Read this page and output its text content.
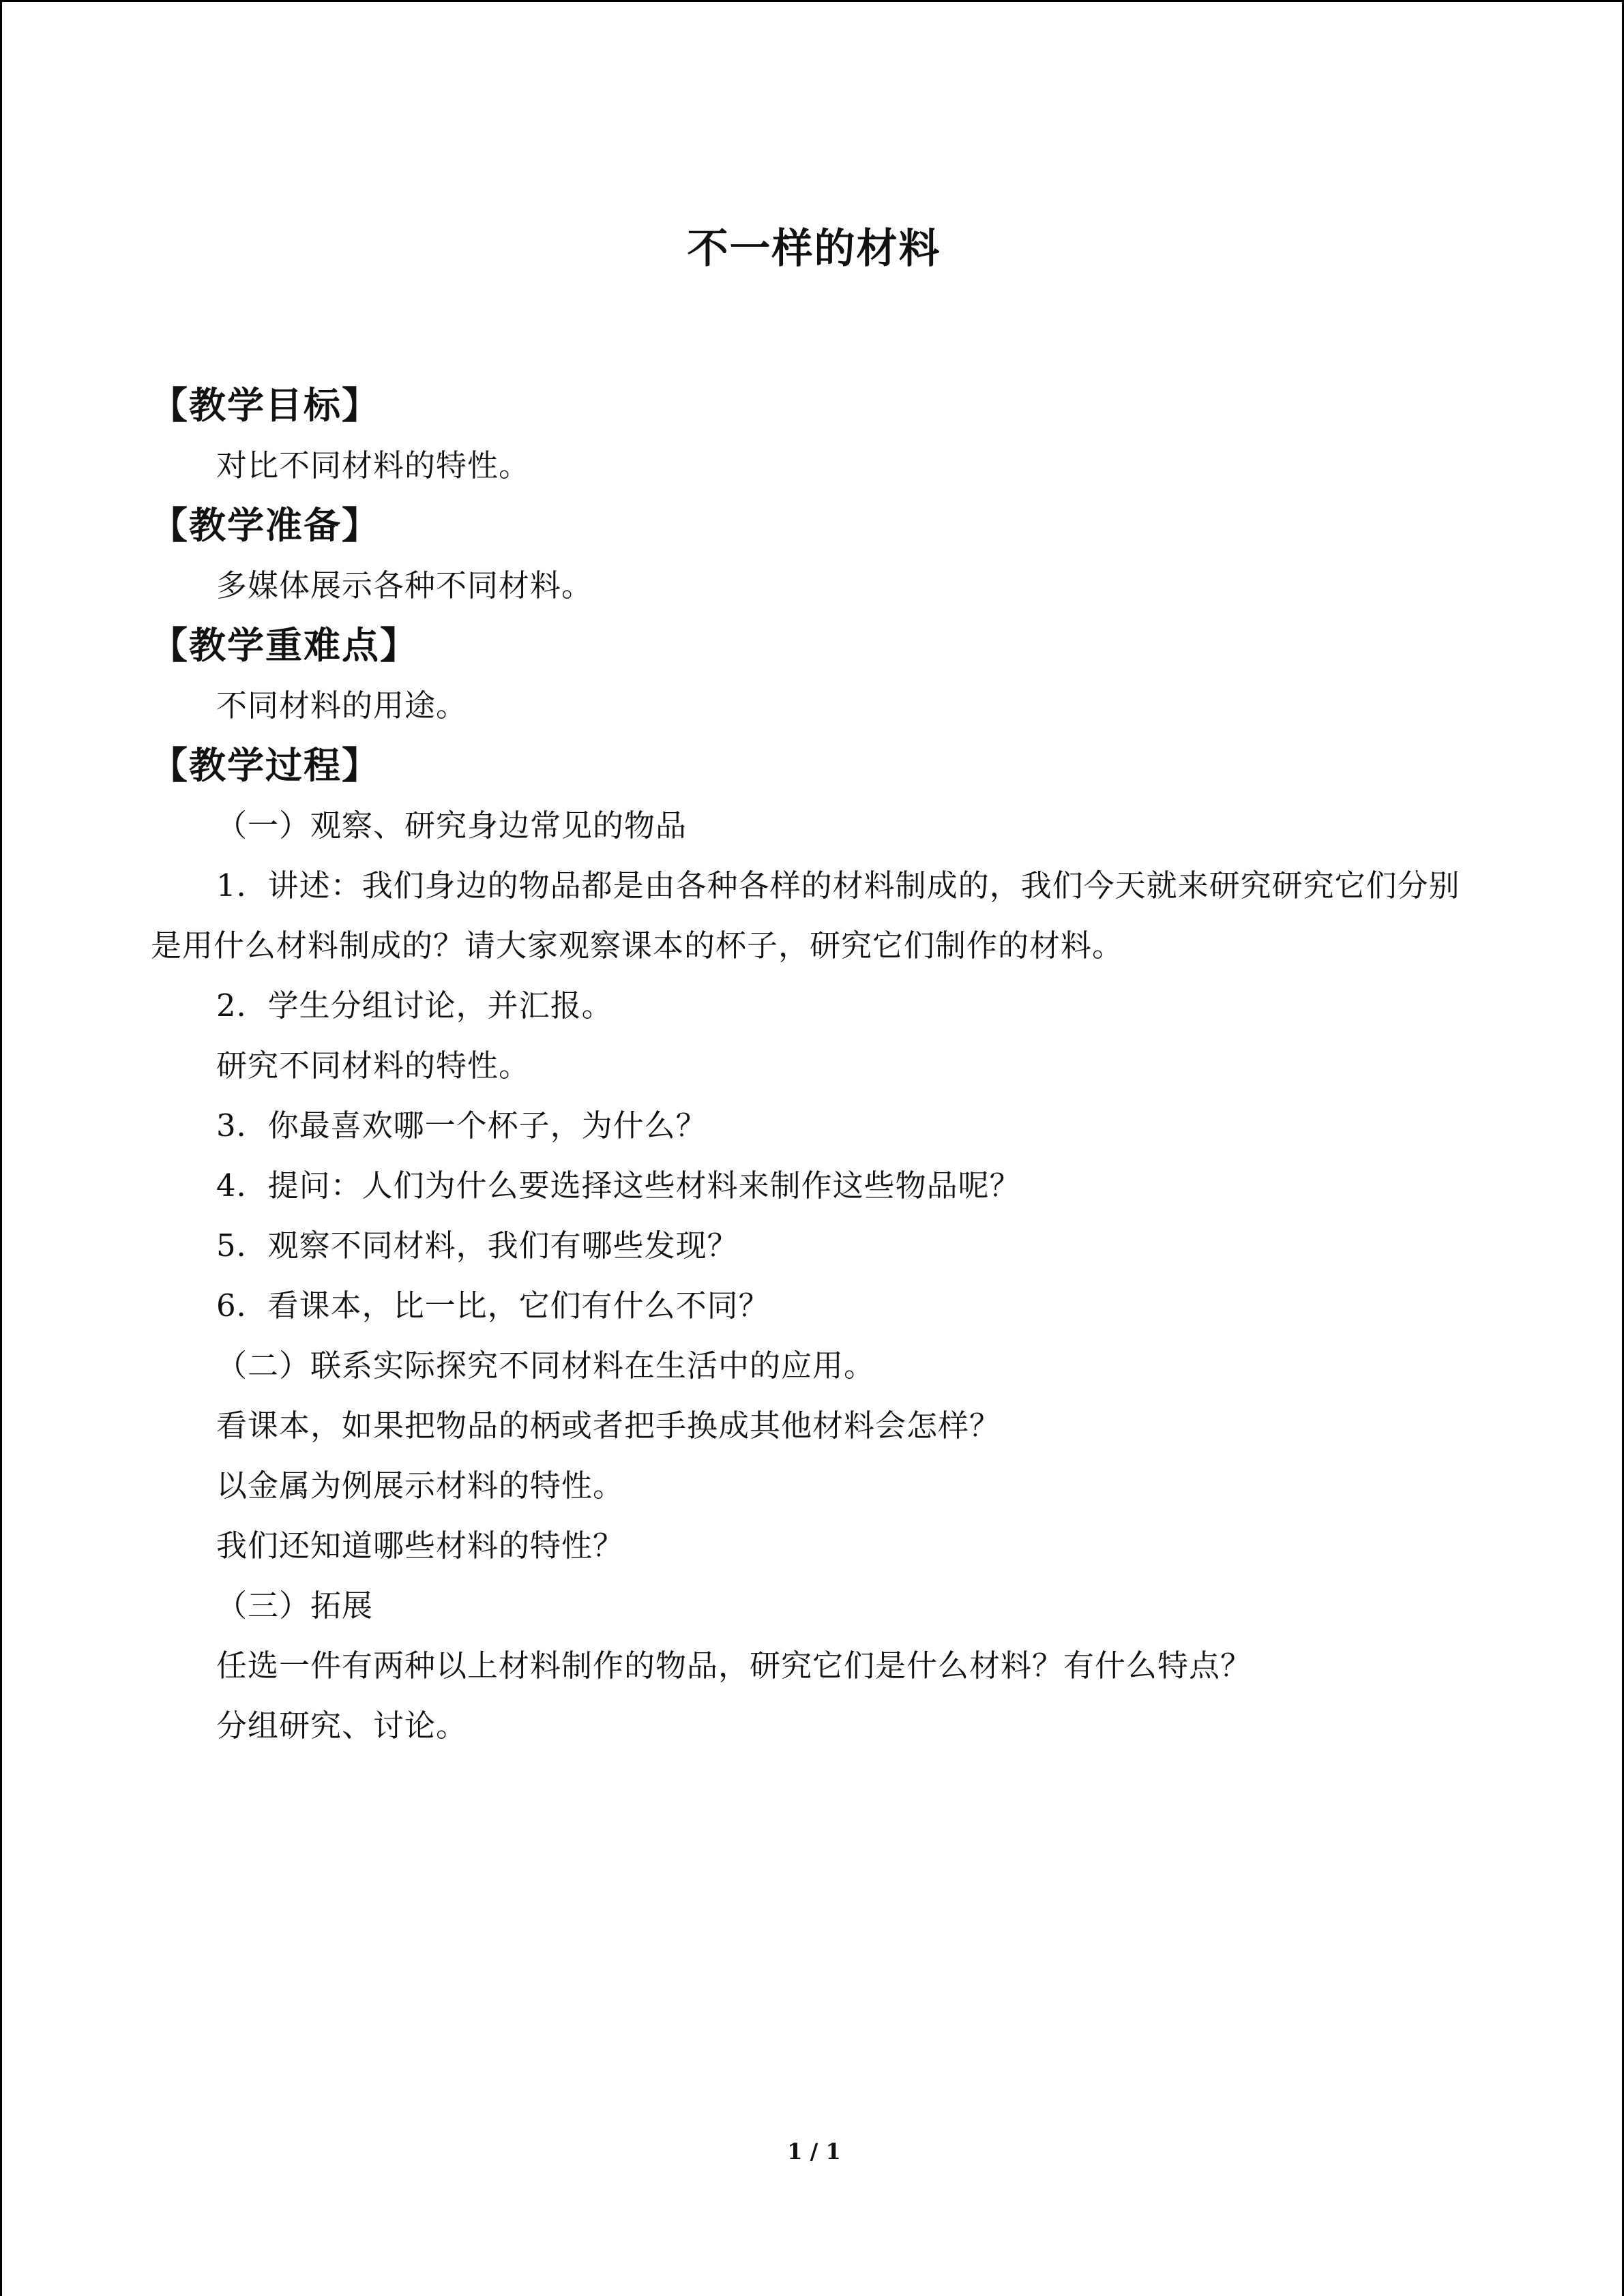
不一样的材料
【教学目标】

对比不同材料的特性。

【教学准备】

多媒体展示各种不同材料。

【教学重难点】

不同材料的用途。

【教学过程】

（一）观察、研究身边常见的物品

1．讲述：我们身边的物品都是由各种各样的材料制成的，我们今天就来研究研究它们分别是用什么材料制成的？请大家观察课本的杯子，研究它们制作的材料。

2．学生分组讨论，并汇报。

研究不同材料的特性。

3．你最喜欢哪一个杯子，为什么？

4．提问：人们为什么要选择这些材料来制作这些物品呢？

5．观察不同材料，我们有哪些发现？

6．看课本，比一比，它们有什么不同？

（二）联系实际探究不同材料在生活中的应用。

看课本，如果把物品的柄或者把手换成其他材料会怎样？

以金属为例展示材料的特性。

我们还知道哪些材料的特性？

（三）拓展

任选一件有两种以上材料制作的物品，研究它们是什么材料？有什么特点？

分组研究、讨论。

1 / 1
